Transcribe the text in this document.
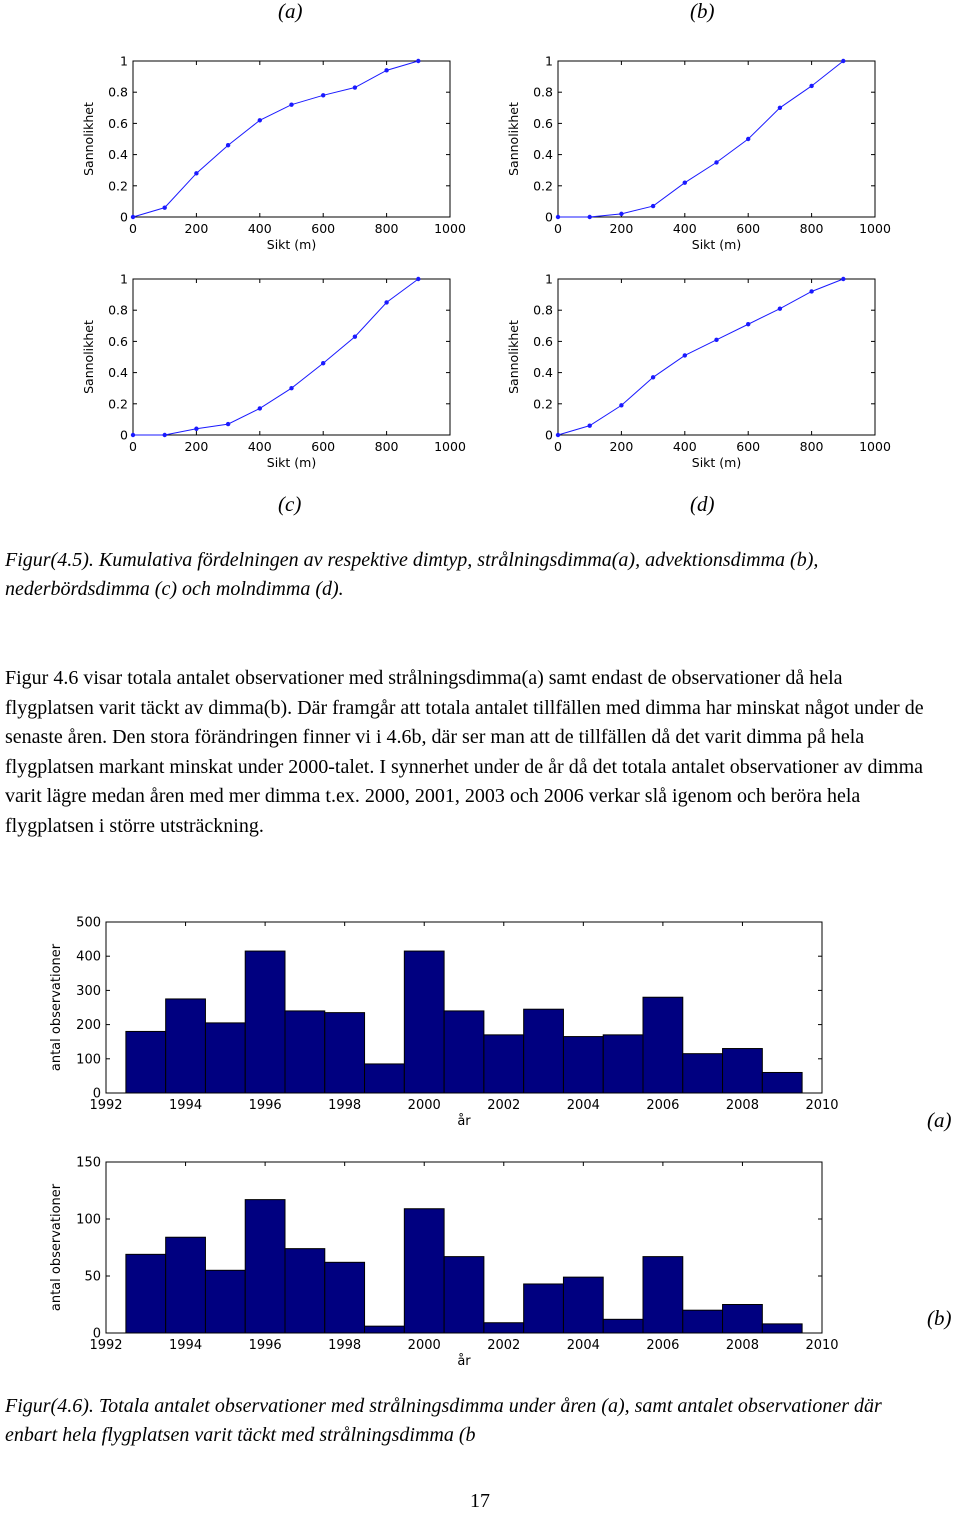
(a)	(b)
0
0.2
0.4
0.6
0.8
1
0	200	400	600	800	1000
Sikt (m)
Sannolikhet
0
0.2
0.4
0.6
0.8
1
0	200	400	600	800	1000
Sikt (m)
Sannolikhet
0
0.2
0.4
0.6
0.8
1
0	200	400	600	800	1000
Sikt (m)
Sannolikhet
0
0.2
0.4
0.6
0.8
1
0	200	400	600	800	1000
Sikt (m)
Sannolikhet
(c)	(d)
Figur(4.5). Kumulativa fördelningen av respektive dimtyp, strålningsdimma(a), advektionsdimma (b), nederbördsdimma (c) och molndimma (d).
Figur 4.6 visar totala antalet observationer med strålningsdimma(a) samt endast de observationer då hela flygplatsen varit täckt av dimma(b). Där framgår att totala antalet tillfällen med dimma har minskat något under de senaste åren. Den stora förändringen finner vi i 4.6b, där ser man att de tillfällen då det varit dimma på hela flygplatsen markant minskat under 2000-talet. I synnerhet under de år då det totala antalet observationer av dimma varit lägre medan åren med mer dimma t.ex. 2000, 2001, 2003 och 2006 verkar slå igenom och beröra hela flygplatsen i större utsträckning.
0
100
200
300
400
500
1992	1994	1996	1998	2000	2002	2004	2006	2008	2010
år
antal observationer
(a)
0
50
100
150
1992	1994	1996	1998	2000	2002	2004	2006	2008	2010
år
antal observationer
(b)
Figur(4.6). Totala antalet observationer med strålningsdimma under åren (a), samt antalet observationer där enbart hela flygplatsen varit täckt med strålningsdimma (b
17
